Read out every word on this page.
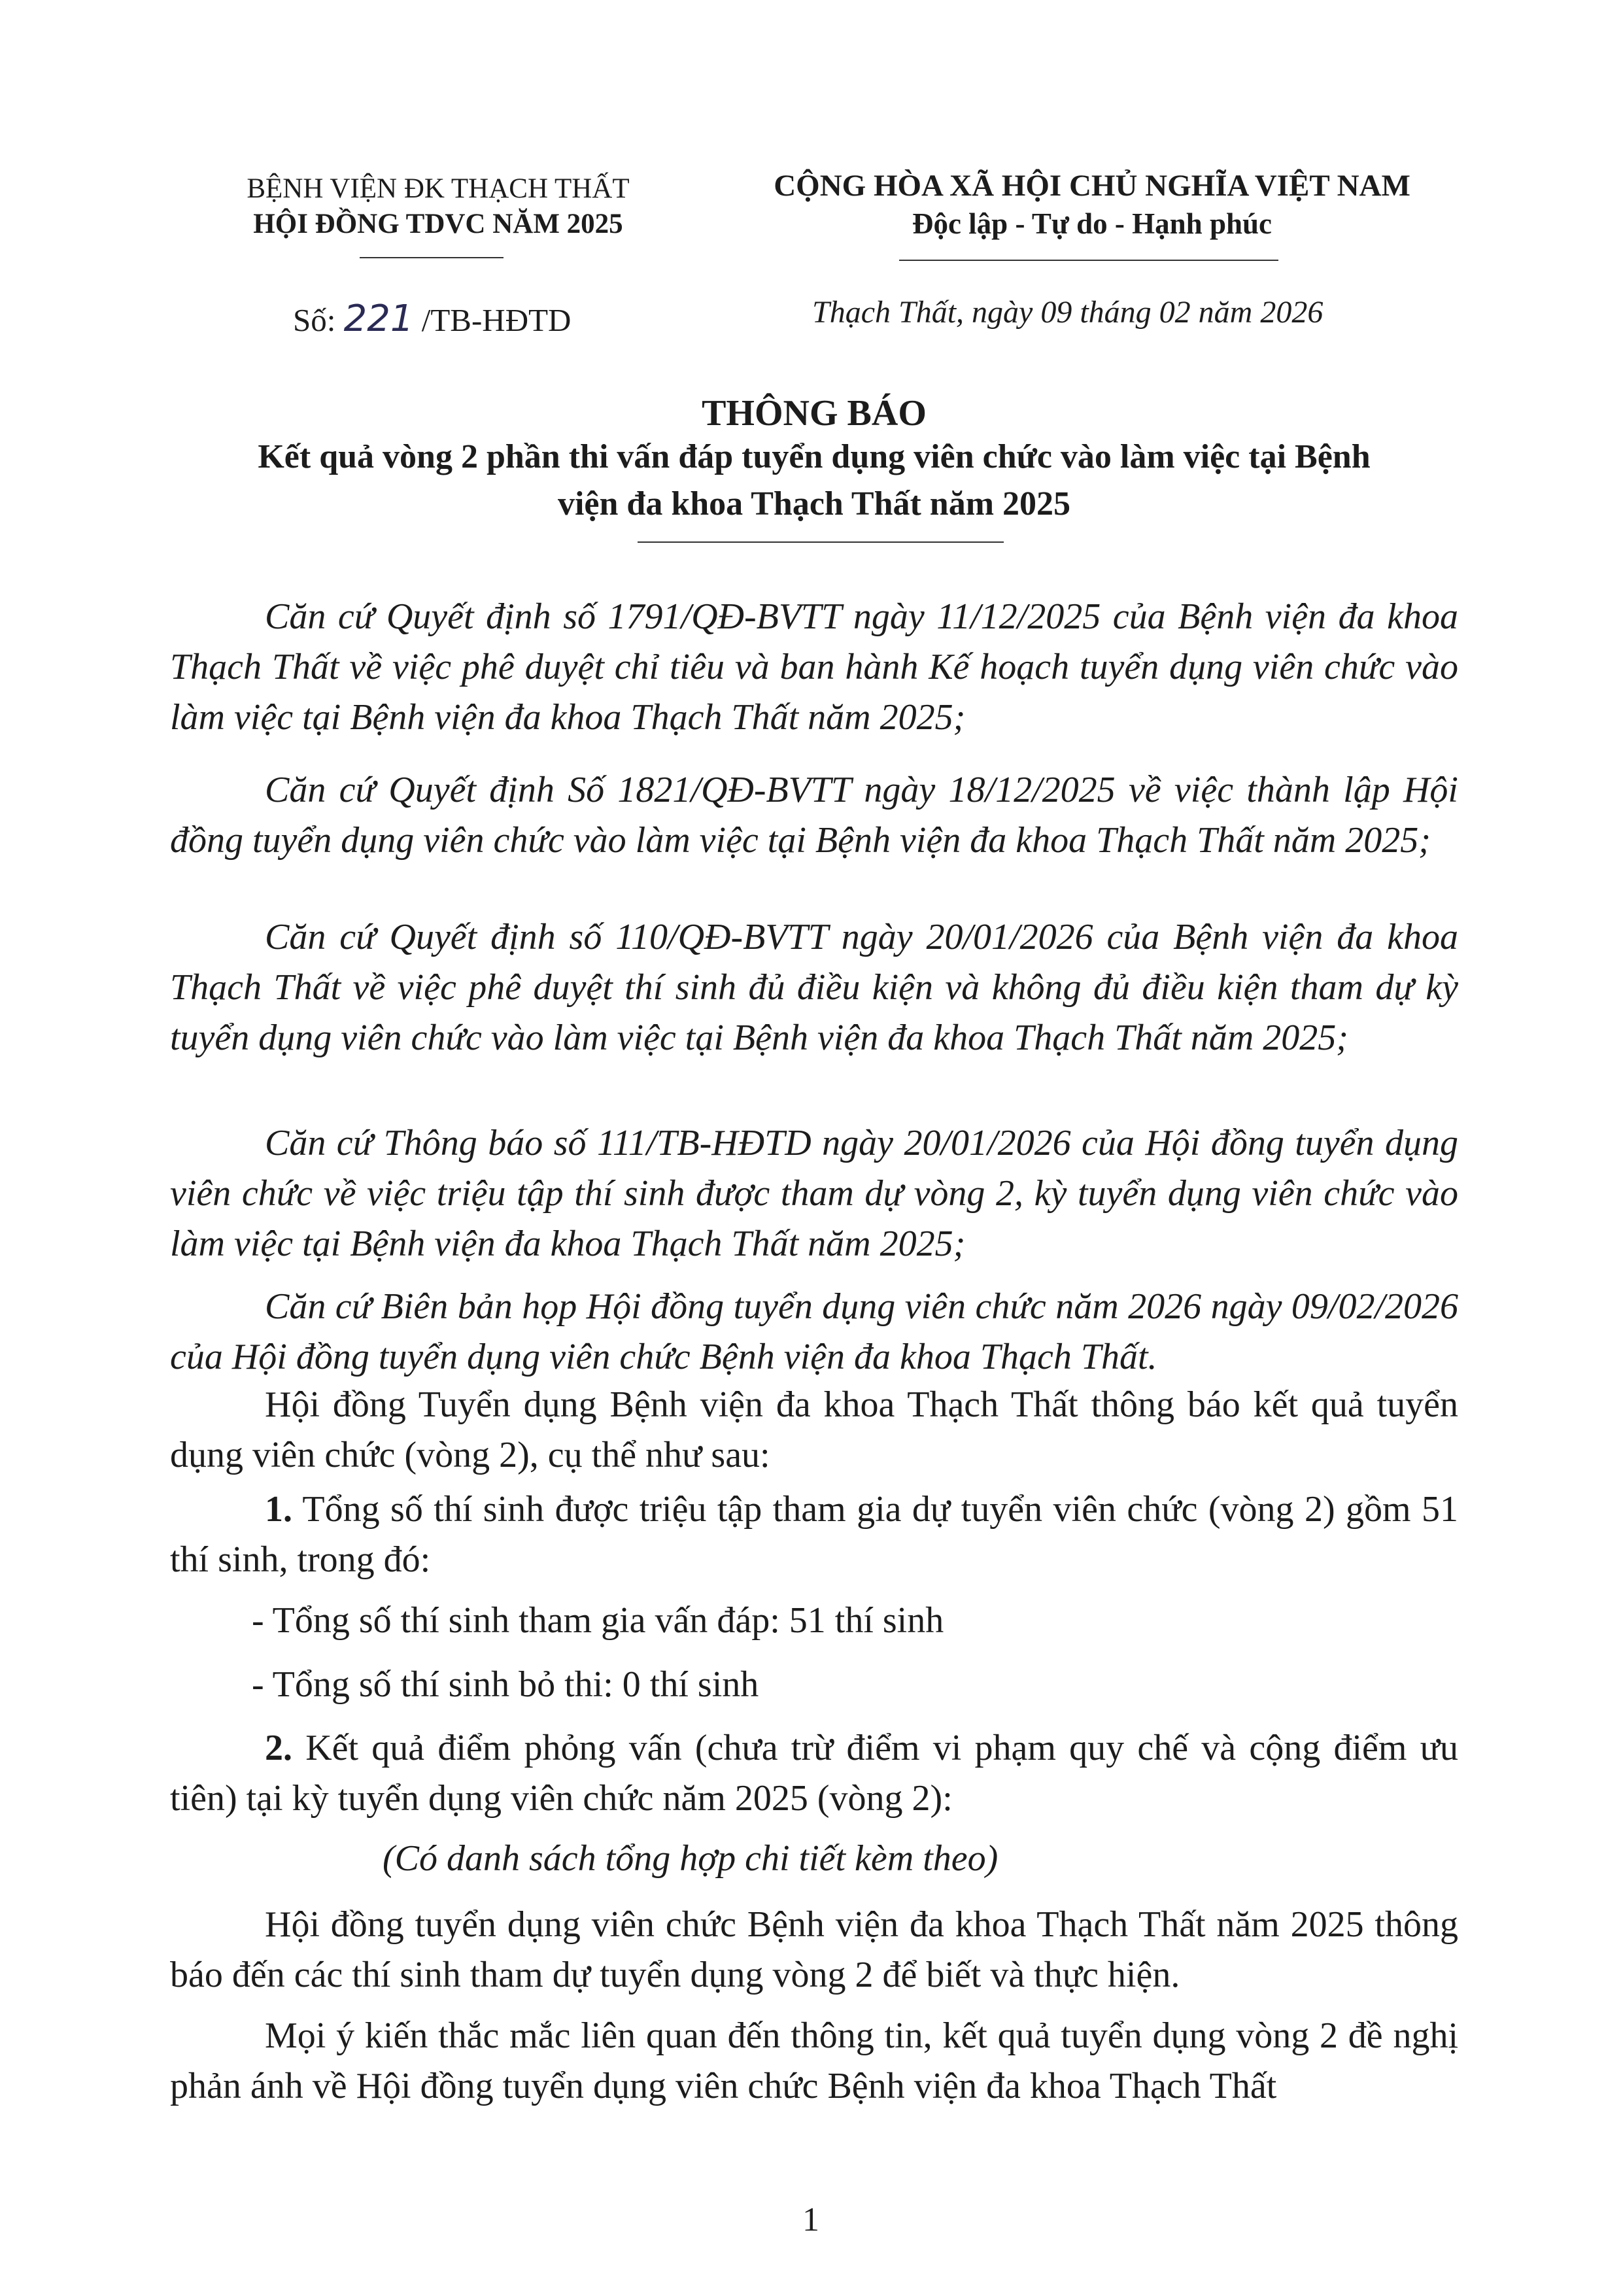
BỆNH VIỆN ĐK THẠCH THẤT
HỘI ĐỒNG TDVC NĂM 2025
CỘNG HÒA XÃ HỘI CHỦ NGHĨA VIỆT NAM
Độc lập - Tự do - Hạnh phúc
Số: 221 /TB-HĐTD	Thạch Thất, ngày 09 tháng 02 năm 2026
THÔNG BÁO
Kết quả vòng 2 phần thi vấn đáp tuyển dụng viên chức vào làm việc tại Bệnh
viện đa khoa Thạch Thất năm 2025
Căn cứ Quyết định số 1791/QĐ-BVTT ngày 11/12/2025 của Bệnh viện đa khoa Thạch Thất về việc phê duyệt chỉ tiêu và ban hành Kế hoạch tuyển dụng viên chức vào làm việc tại Bệnh viện đa khoa Thạch Thất năm 2025;
Căn cứ Quyết định Số 1821/QĐ-BVTT ngày 18/12/2025 về việc thành lập Hội đồng tuyển dụng viên chức vào làm việc tại Bệnh viện đa khoa Thạch Thất năm 2025;
Căn cứ Quyết định số 110/QĐ-BVTT ngày 20/01/2026 của Bệnh viện đa khoa Thạch Thất về việc phê duyệt thí sinh đủ điều kiện và không đủ điều kiện tham dự kỳ tuyển dụng viên chức vào làm việc tại Bệnh viện đa khoa Thạch Thất năm 2025;
Căn cứ Thông báo số 111/TB-HĐTD ngày 20/01/2026 của Hội đồng tuyển dụng viên chức về việc triệu tập thí sinh được tham dự vòng 2, kỳ tuyển dụng viên chức vào làm việc tại Bệnh viện đa khoa Thạch Thất năm 2025;
Căn cứ Biên bản họp Hội đồng tuyển dụng viên chức năm 2026 ngày 09/02/2026 của Hội đồng tuyển dụng viên chức Bệnh viện đa khoa Thạch Thất.
Hội đồng Tuyển dụng Bệnh viện đa khoa Thạch Thất thông báo kết quả tuyển dụng viên chức (vòng 2), cụ thể như sau:
1. Tổng số thí sinh được triệu tập tham gia dự tuyển viên chức (vòng 2) gồm 51 thí sinh, trong đó:
- Tổng số thí sinh tham gia vấn đáp: 51 thí sinh
- Tổng số thí sinh bỏ thi: 0 thí sinh
2. Kết quả điểm phỏng vấn (chưa trừ điểm vi phạm quy chế và cộng điểm ưu tiên) tại kỳ tuyển dụng viên chức năm 2025 (vòng 2):
(Có danh sách tổng hợp chi tiết kèm theo)
Hội đồng tuyển dụng viên chức Bệnh viện đa khoa Thạch Thất năm 2025 thông báo đến các thí sinh tham dự tuyển dụng vòng 2 để biết và thực hiện.
Mọi ý kiến thắc mắc liên quan đến thông tin, kết quả tuyển dụng vòng 2 đề nghị phản ánh về Hội đồng tuyển dụng viên chức Bệnh viện đa khoa Thạch Thất
1
